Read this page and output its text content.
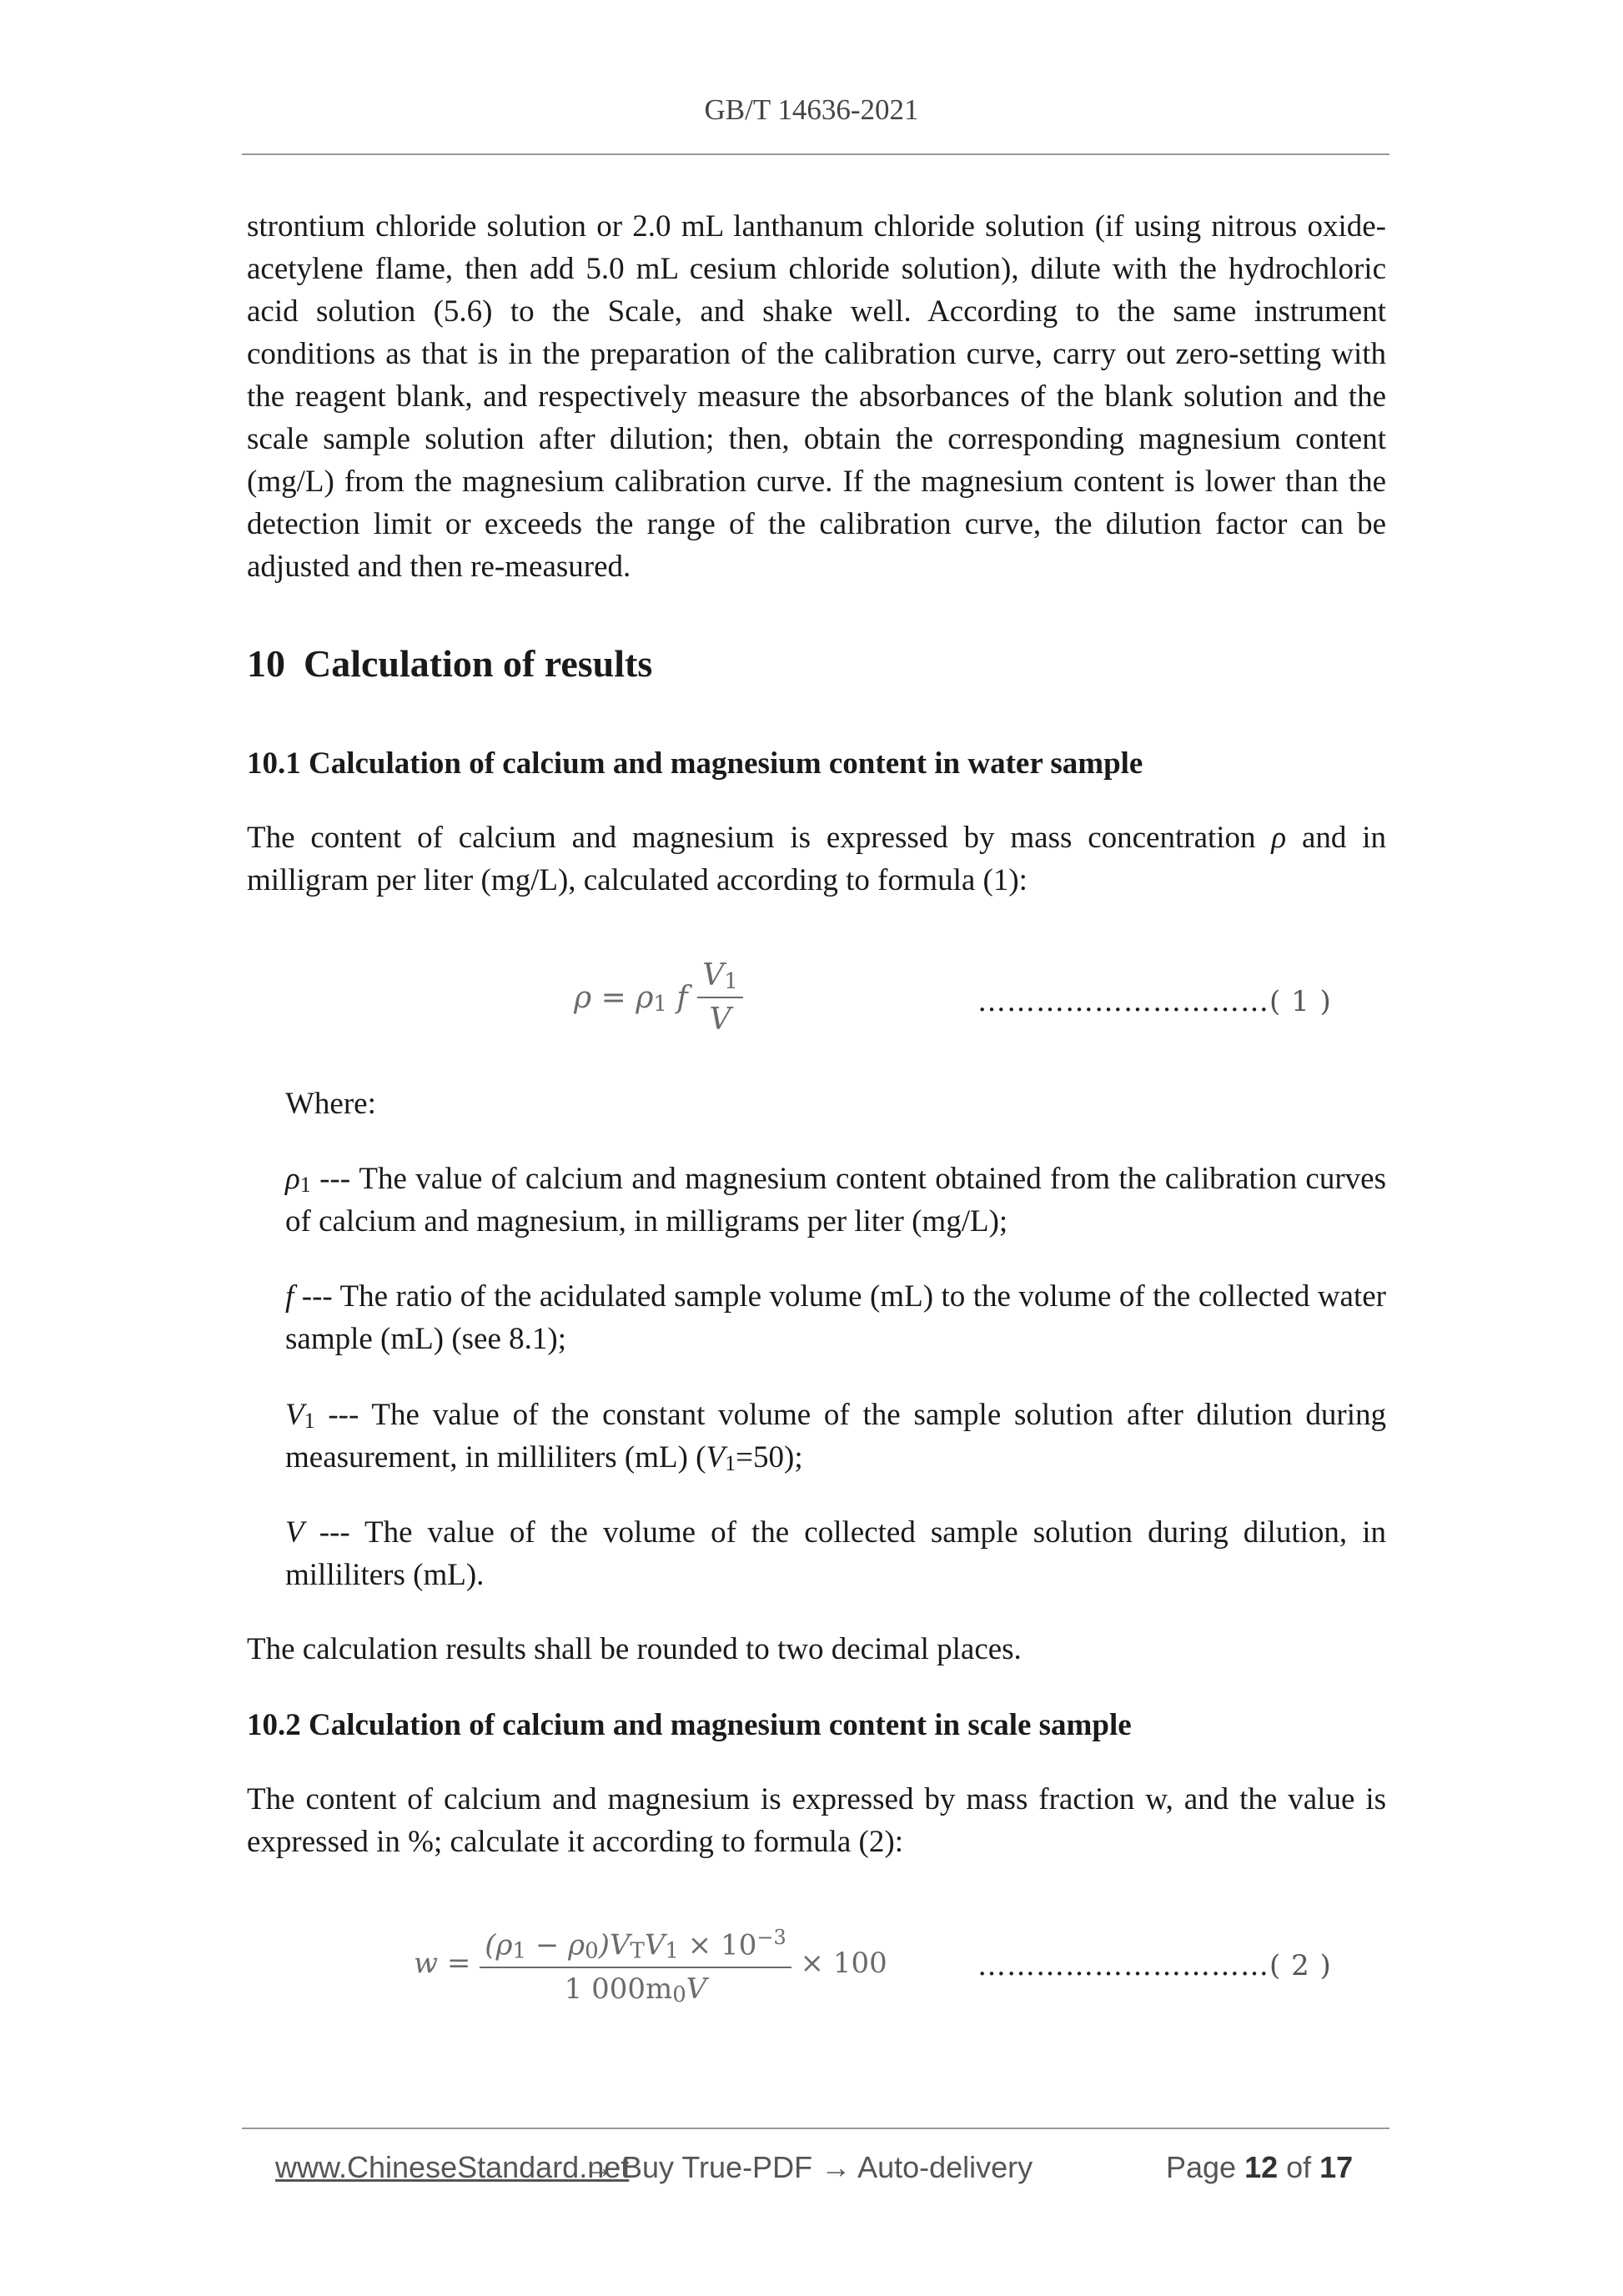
GB/T 14636-2021

strontium chloride solution or 2.0 mL lanthanum chloride solution (if using nitrous oxide-acetylene flame, then add 5.0 mL cesium chloride solution), dilute with the hydrochloric acid solution (5.6) to the Scale, and shake well. According to the same instrument conditions as that is in the preparation of the calibration curve, carry out zero-setting with the reagent blank, and respectively measure the absorbances of the blank solution and the scale sample solution after dilution; then, obtain the corresponding magnesium content (mg/L) from the magnesium calibration curve. If the magnesium content is lower than the detection limit or exceeds the range of the calibration curve, the dilution factor can be adjusted and then re-measured.

10 Calculation of results
10.1 Calculation of calcium and magnesium content in water sample

The content of calcium and magnesium is expressed by mass concentration ρ and in milligram per liter (mg/L), calculated according to formula (1):

$\rho = \rho_1$ f $\frac{V_1}{V}$	…………………………( 1 )

Where:

$\rho_1$ --- The value of calcium and magnesium content obtained from the calibration curves of calcium and magnesium, in milligrams per liter (mg/L);

f --- The ratio of the acidulated sample volume (mL) to the volume of the collected water sample (mL) (see 8.1);

$V_1$ --- The value of the constant volume of the sample solution after dilution during measurement, in milliliters (mL) $(V_1=50)$;

V --- The value of the volume of the collected sample solution during dilution, in milliliters (mL).

The calculation results shall be rounded to two decimal places.

10.2 Calculation of calcium and magnesium content in scale sample

The content of calcium and magnesium is expressed by mass fraction w, and the value is expressed in %; calculate it according to formula (2):

$w = \frac{(\rho_1 - \rho_0)V_TV_1 \times 10^{-3}}{1 000m_0V} \times 100$	…………………………( 2 )
www.ChineseStandard.net
→ Buy True-PDF → Auto-delivery	Page 12 of 17
